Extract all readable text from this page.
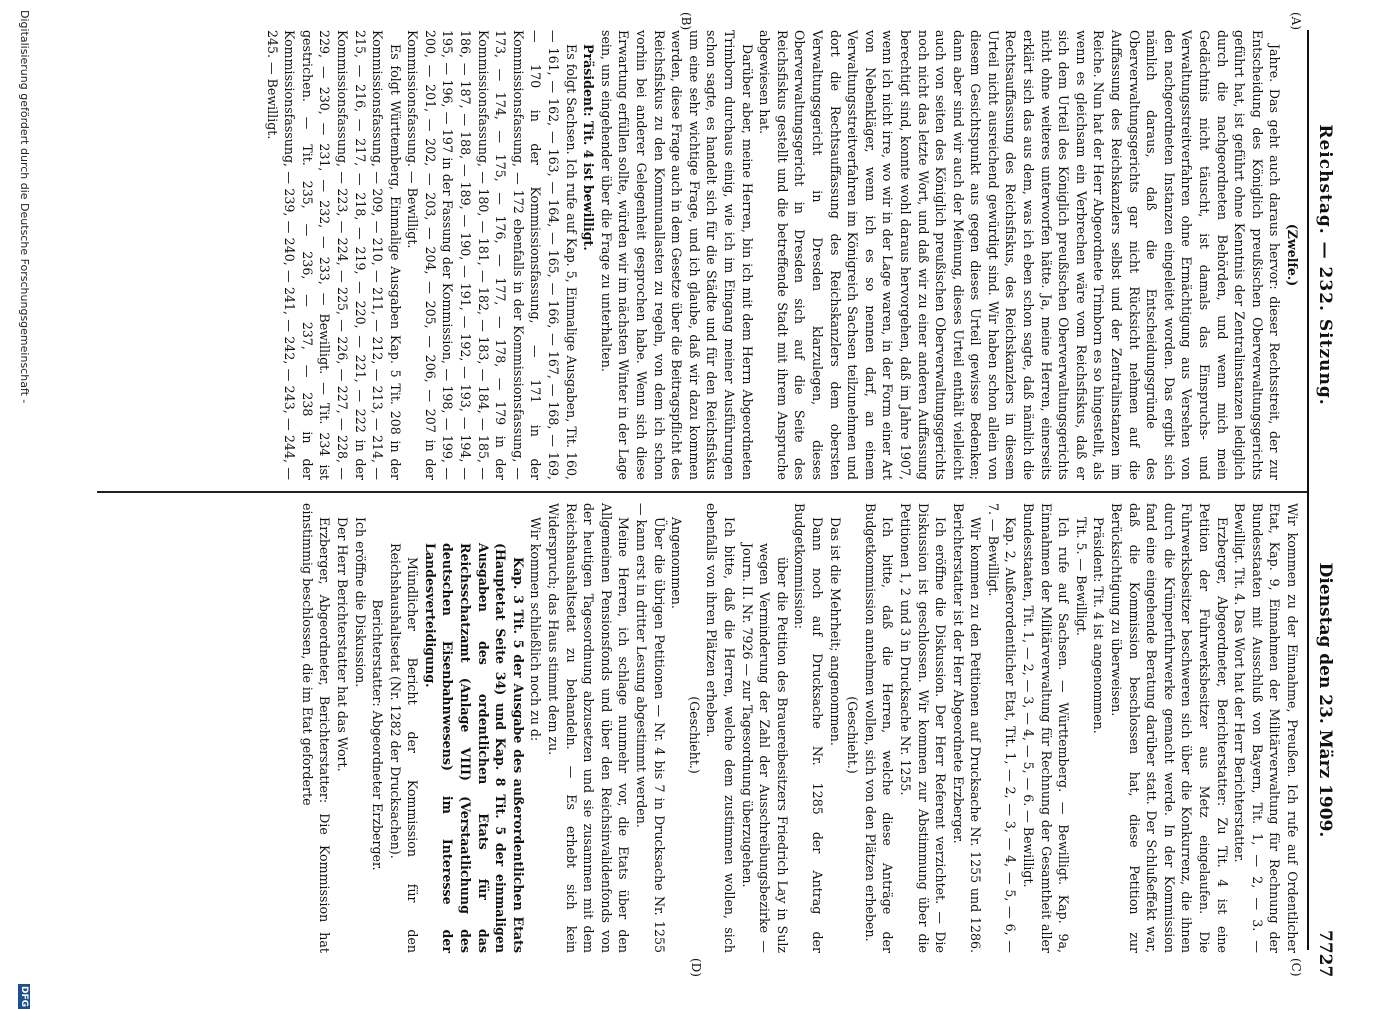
Reichstag. — 232. Sitzung.
Dienstag den 23. März 1909.
7727
(A)
(B)
(C)
(D)

(Zwelfe.)

Jahre. Das geht auch daraus hervor: dieser Rechtsstreit, der zur Entscheidung des Königlich preußischen Oberverwaltungsgerichts geführt hat, ist geführt ohne Kenntnis der Zentralinstanzen lediglich durch die nachgeordneten Behörden, und wenn mich mein Gedächtnis nicht täuscht, ist damals das Einspruchs- und Verwaltungsstreitverfahren ohne Ermächtigung aus Versehen von den nachgeordneten Instanzen eingeleitet worden. Das ergibt sich nämlich daraus, daß die Entscheidungsgründe des Oberverwaltungsgerichts gar nicht Rücksicht nehmen auf die Auffassung des Reichskanzlers selbst und der Zentralinstanzen im Reiche. Nun hat der Herr Abgeordnete Trimborn es so hingestellt, als wenn es gleichsam ein Verbrechen wäre vom Reichsfiskus, daß er sich dem Urteil des Königlich preußischen Oberverwaltungsgerichts nicht ohne weiteres unterworfen hätte. Ja, meine Herren, einerseits erklärt sich das aus dem, was ich eben schon sagte, daß nämlich die Rechtsauffassung des Reichsfiskus, des Reichskanzlers in diesem Urteil nicht ausreichend gewürdigt sind. Wir haben schon allein von diesem Gesichtspunkt aus gegen dieses Urteil gewisse Bedenken; dann aber sind wir auch der Meinung, dieses Urteil enthält vielleicht auch von seiten des Königlich preußischen Oberverwaltungsgerichts noch nicht das letzte Wort, und daß wir zu einer anderen Auffassung berechtigt sind, konnte wohl daraus hervorgehen, daß im Jahre 1907, wenn ich nicht irre, wo wir in der Lage waren, in der Form einer Art von Nebenkläger, wenn ich es so nennen darf, an einem Verwaltungsstreitverfahren im Königreich Sachsen teilzunehmen und dort die Rechtsauffassung des Reichskanzlers dem obersten Verwaltungsgericht in Dresden klarzulegen, dieses Oberverwaltungsgericht in Dresden sich auf die Seite des Reichsfiskus gestellt und die betreffende Stadt mit ihrem Anspruche abgewiesen hat.

Darüber aber, meine Herren, bin ich mit dem Herrn Abgeordneten Trimborn durchaus einig, wie ich im Eingang meiner Ausführungen schon sagte, es handelt sich für die Städte und für den Reichsfiskus um eine sehr wichtige Frage, und ich glaube, daß wir dazu kommen werden, diese Frage auch in dem Gesetze über die Beitragspflicht des Reichsfiskus zu den Kommunallasten zu regeln, von dem ich schon vorhin bei anderer Gelegenheit gesprochen habe. Wenn sich diese Erwartung erfüllen sollte, würden wir im nächsten Winter in der Lage sein, uns eingehender über die Frage zu unterhalten.

Präsident: Tit. 4 ist bewilligt.

Es folgt Sachsen. Ich rufe auf Kap. 5, Einmalige Ausgaben, Tit. 160, — 161, — 162, — 163, — 164, — 165, — 166, — 167, — 168, — 169, — 170 in der Kommissionsfassung, — 171 in der Kommissionsfassung, — 172 ebenfalls in der Kommissionsfassung, — 173, — 174, — 175, — 176, — 177, — 178, — 179 in der Kommissionsfassung, — 180, — 181, — 182, — 183, — 184, — 185, — 186, — 187, — 188, — 189, — 190, — 191, — 192, — 193, — 194, — 195, — 196, — 197 in der Fassung der Kommission, — 198, — 199, — 200, — 201, — 202, — 203, — 204, — 205, — 206, — 207 in der Kommissionsfassung. — Bewilligt.

Es folgt Württemberg, Einmalige Ausgaben Kap. 5 Tit. 208 in der Kommissionsfassung, — 209, — 210, — 211, — 212, — 213, — 214, — 215, — 216, — 217, — 218, — 219, — 220, — 221, — 222 in der Kommissionsfassung, — 223, — 224, — 225, — 226, — 227, — 228, — 229, — 230, — 231, — 232, — 233, — Bewilligt. — Tit. 234 ist gestrichen. — Tit. 235, — 236, — 237, — 238 in der Kommissionsfassung, — 239, — 240, — 241, — 242, — 243, — 244, — 245. — Bewilligt.

Wir kommen zu der Einnahme, Preußen. Ich rufe auf Ordentlicher Etat, Kap. 9, Einnahmen der Militärverwaltung für Rechnung der Bundesstaaten mit Ausschluß von Bayern, Tit. 1, — 2, — 3. — Bewilligt. Tit. 4. Das Wort hat der Herr Berichterstatter.

Erzberger, Abgeordneter, Berichterstatter: Zu Tit. 4 ist eine Petition der Fuhrwerksbesitzer aus Metz eingelaufen. Die Fuhrwerksbesitzer beschweren sich über die Konkurrenz, die ihnen durch die Krümperfuhrwerke gemacht werde. In der Kommission fand eine eingehende Beratung darüber statt. Der Schlußeffekt war, daß die Kommission beschlossen hat, diese Petition zur Berücksichtigung zu überweisen.

Präsident: Tit. 4 ist angenommen.

Tit. 5. — Bewilligt.

Ich rufe auf Sachsen. — Württemberg. — Bewilligt. Kap. 9a, Einnahmen der Militärverwaltung für Rechnung der Gesamtheit aller Bundesstaaten, Tit. 1, — 2, — 3, — 4, — 5, — 6. — Bewilligt.

Kap. 2, Außerordentlicher Etat, Tit. 1, — 2, — 3, — 4, — 5, — 6, — 7. — Bewilligt.

Wir kommen zu den Petitionen auf Drucksache Nr. 1255 und 1286. Berichterstatter ist der Herr Abgeordnete Erzberger.

Ich eröffne die Diskussion. Der Herr Referent verzichtet. — Die Diskussion ist geschlossen. Wir kommen zur Abstimmung über die Petitionen 1, 2 und 3 in Drucksache Nr. 1255.

Ich bitte, daß die Herren, welche diese Anträge der Budgetkommission annehmen wollen, sich von den Plätzen erheben.

(Geschieht.)

Das ist die Mehrheit; angenommen.

Dann noch auf Drucksache Nr. 1285 der Antrag der Budgetkommission:

über die Petition des Brauereibesitzers Friedrich Lay in Sulz wegen Verminderung der Zahl der Ausschreibungsbezirke — Journ. II. Nr. 7926 — zur Tagesordnung überzugehen.

Ich bitte, daß die Herren, welche dem zustimmen wollen, sich ebenfalls von ihren Plätzen erheben.

(Geschieht.)

Angenommen.

Über die übrigen Petitionen — Nr. 4 bis 7 in Drucksache Nr. 1255 — kann erst in dritter Lesung abgestimmt werden.

Meine Herren, ich schlage nunmehr vor, die Etats über den Allgemeinen Pensionsfonds und über den Reichsinvalidenfonds von der heutigen Tagesordnung abzusetzen und sie zusammen mit dem Reichshaushaltsetat zu behandeln. — Es erhebt sich kein Widerspruch; das Haus stimmt dem zu.

Wir kommen schließlich noch zu d:

Kap. 3 Tit. 5 der Ausgabe des außerordentlichen Etats (Hauptetat Seite 34) und Kap. 8 Tit. 5 der einmaligen Ausgaben des ordentlichen Etats für das Reichsschatzamt (Anlage VIII) (Verstaatlichung des deutschen Eisenbahnwesens) im Interesse der Landesverteidigung.

Mündlicher Bericht der Kommission für den Reichshaushaltsetat (Nr. 1282 der Drucksachen).

Berichterstatter: Abgeordneter Erzberger.

Ich eröffne die Diskussion.

Der Herr Berichterstatter hat das Wort.

Erzberger, Abgeordneter, Berichterstatter: Die Kommission hat einstimmig beschlossen, die im Etat geforderte

Digitalisierung gefördert durch die Deutsche Forschungsgemeinschaft -
DFG
